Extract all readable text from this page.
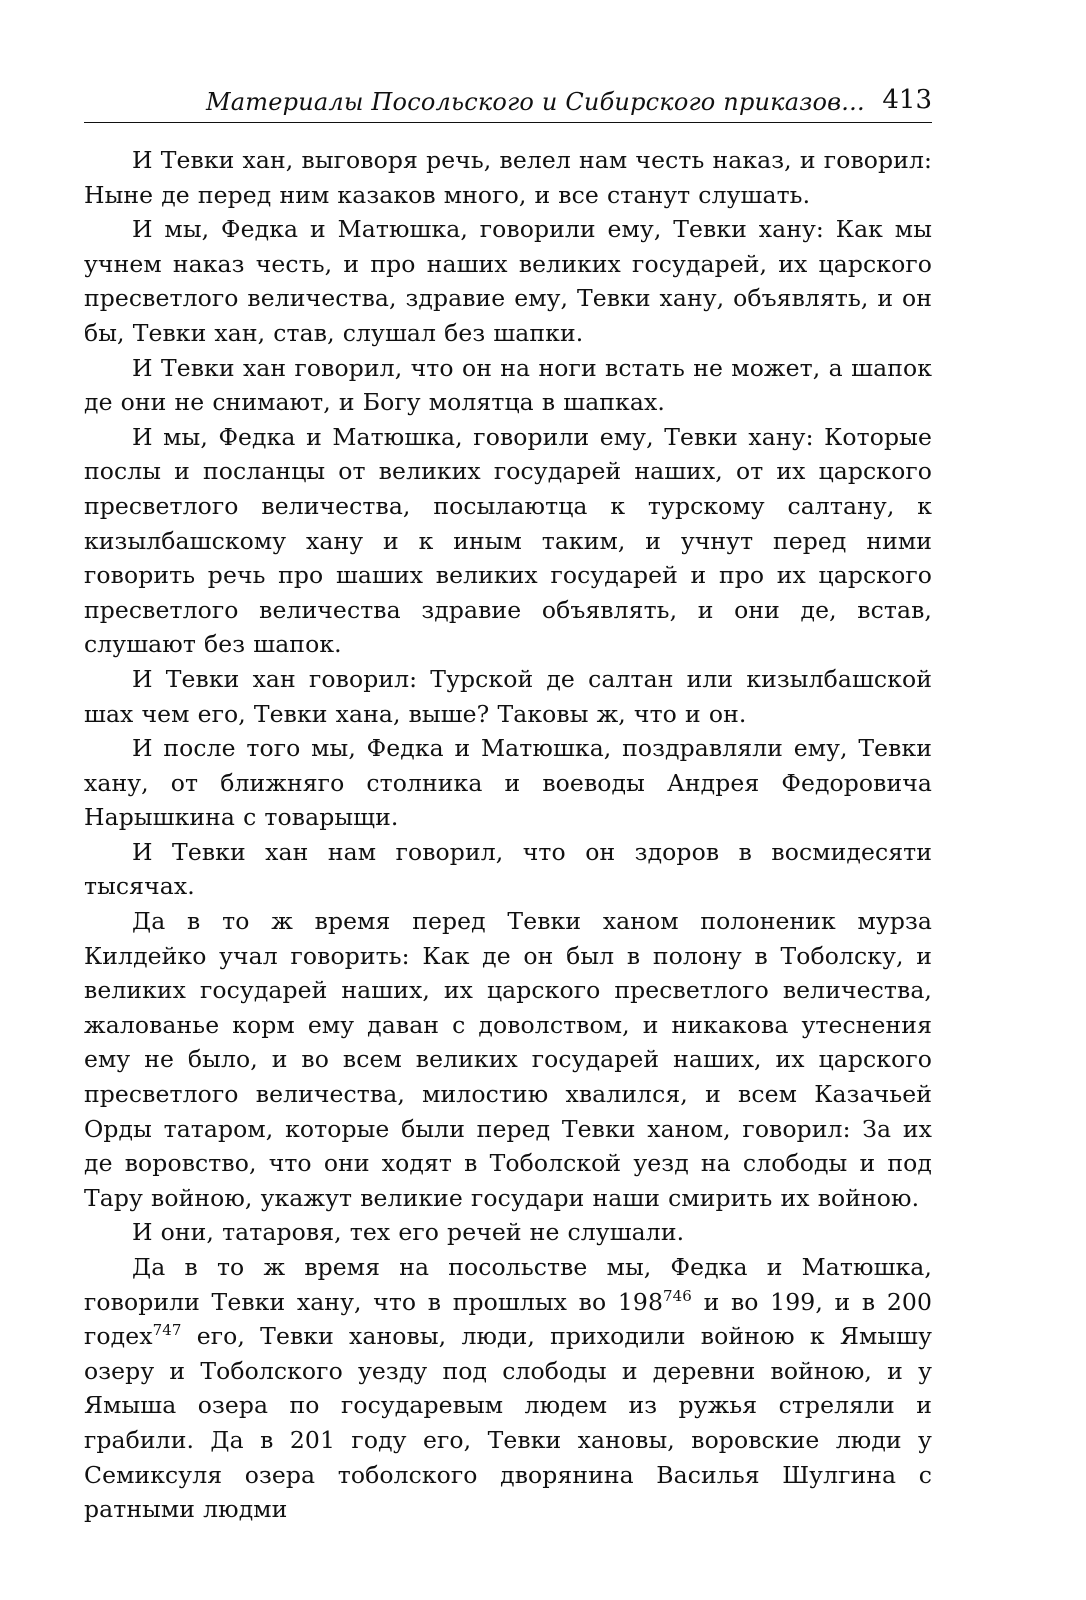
Материалы Посольского и Сибирского приказов... 413

И Тевки хан, выговоря речь, велел нам честь наказ, и говорил: Ныне де перед ним казаков много, и все станут слушать.

И мы, Федка и Матюшка, говорили ему, Тевки хану: Как мы учнем наказ честь, и про наших великих государей, их царского пресветлого величества, здравие ему, Тевки хану, объявлять, и он бы, Тевки хан, став, слушал без шапки.

И Тевки хан говорил, что он на ноги встать не может, а шапок де они не снимают, и Богу молятца в шапках.

И мы, Федка и Матюшка, говорили ему, Тевки хану: Которые послы и посланцы от великих государей наших, от их царского пресветлого величества, посылаютца к турскому салтану, к кизылбашскому хану и к иным таким, и учнут перед ними говорить речь про шаших великих государей и про их царского пресветлого величества здравие объявлять, и они де, встав, слушают без шапок.

И Тевки хан говорил: Турской де салтан или кизылбашской шах чем его, Тевки хана, выше? Таковы ж, что и он.

И после того мы, Федка и Матюшка, поздравляли ему, Тевки хану, от ближняго столника и воеводы Андрея Федоровича Нарышкина с товарыщи.

И Тевки хан нам говорил, что он здоров в восмидесяти тысячах.

Да в то ж время перед Тевки ханом полоненик мурза Килдейко учал говорить: Как де он был в полону в Тоболску, и великих государей наших, их царского пресветлого величества, жалованье корм ему даван с доволством, и никакова утеснения ему не было, и во всем великих государей наших, их царского пресветлого величества, милостию хвалился, и всем Казачьей Орды татаром, которые были перед Тевки ханом, говорил: За их де воровство, что они ходят в Тоболской уезд на слободы и под Тару войною, укажут великие государи наши смирить их войною.

И они, татаровя, тех его речей не слушали.

Да в то ж время на посольстве мы, Федка и Матюшка, говорили Тевки хану, что в прошлых во $198^{746}$ и во 199, и в 200 годех$^{747}$ его, Тевки хановы, люди, приходили войною к Ямышу озеру и Тоболского уезду под слободы и деревни войною, и у Ямыша озера по государевым людем из ружья стреляли и грабили. Да в 201 году его, Тевки хановы, воровские люди у Семиксуля озера тоболского дворянина Василья Шулгина с ратными людми
